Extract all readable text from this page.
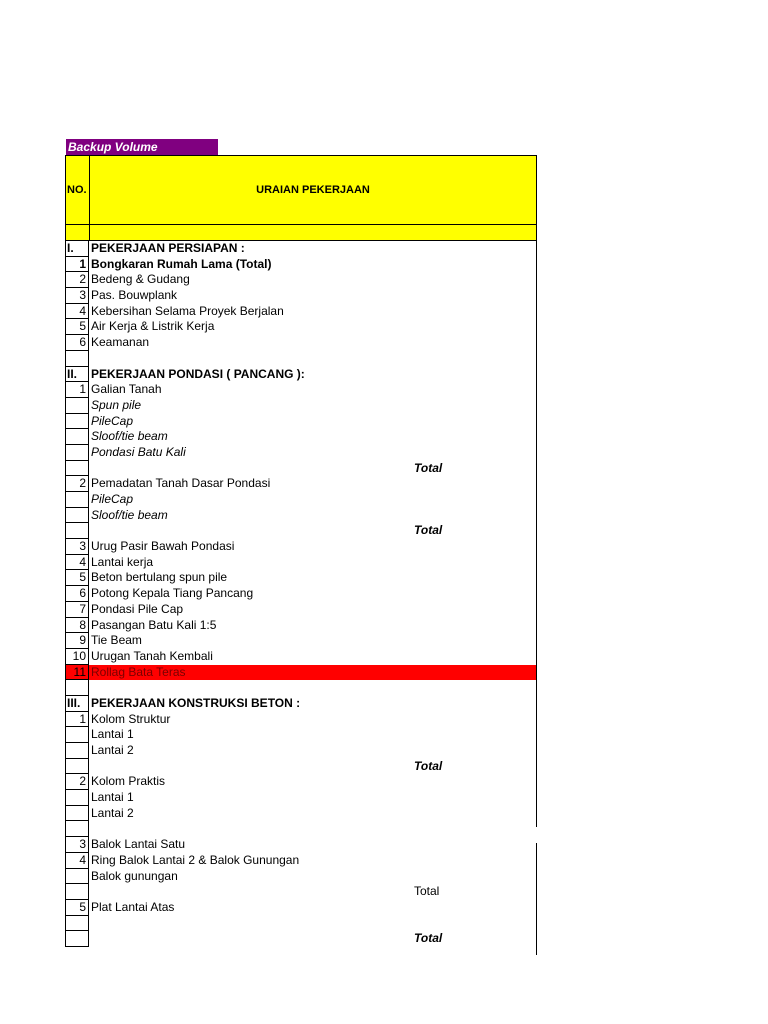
Backup Volume
NO.	URAIAN PEKERJAAN
I.	PEKERJAAN PERSIAPAN :
1 Bongkaran Rumah Lama (Total)
2 Bedeng & Gudang
3 Pas. Bouwplank
4 Kebersihan Selama Proyek Berjalan
5 Air Kerja & Listrik Kerja
6 Keamanan
II.	PEKERJAAN PONDASI ( PANCANG ):
1 Galian Tanah
Spun pile
PileCap
Sloof/tie beam
Pondasi Batu Kali
Total
2 Pemadatan Tanah Dasar Pondasi
PileCap
Sloof/tie beam
Total
3 Urug Pasir Bawah Pondasi
4 Lantai kerja
5 Beton bertulang spun pile
6 Potong Kepala Tiang Pancang
7 Pondasi Pile Cap
8 Pasangan Batu Kali 1:5
9 Tie Beam
10 Urugan Tanah Kembali
11 Rollag Bata Teras
III. PEKERJAAN KONSTRUKSI BETON :
1 Kolom Struktur
Lantai 1
Lantai 2
Total
2 Kolom Praktis
Lantai 1
Lantai 2
3 Balok Lantai Satu
4 Ring Balok Lantai 2 & Balok Gunungan
Balok gunungan
Total
5 Plat Lantai Atas
Total
